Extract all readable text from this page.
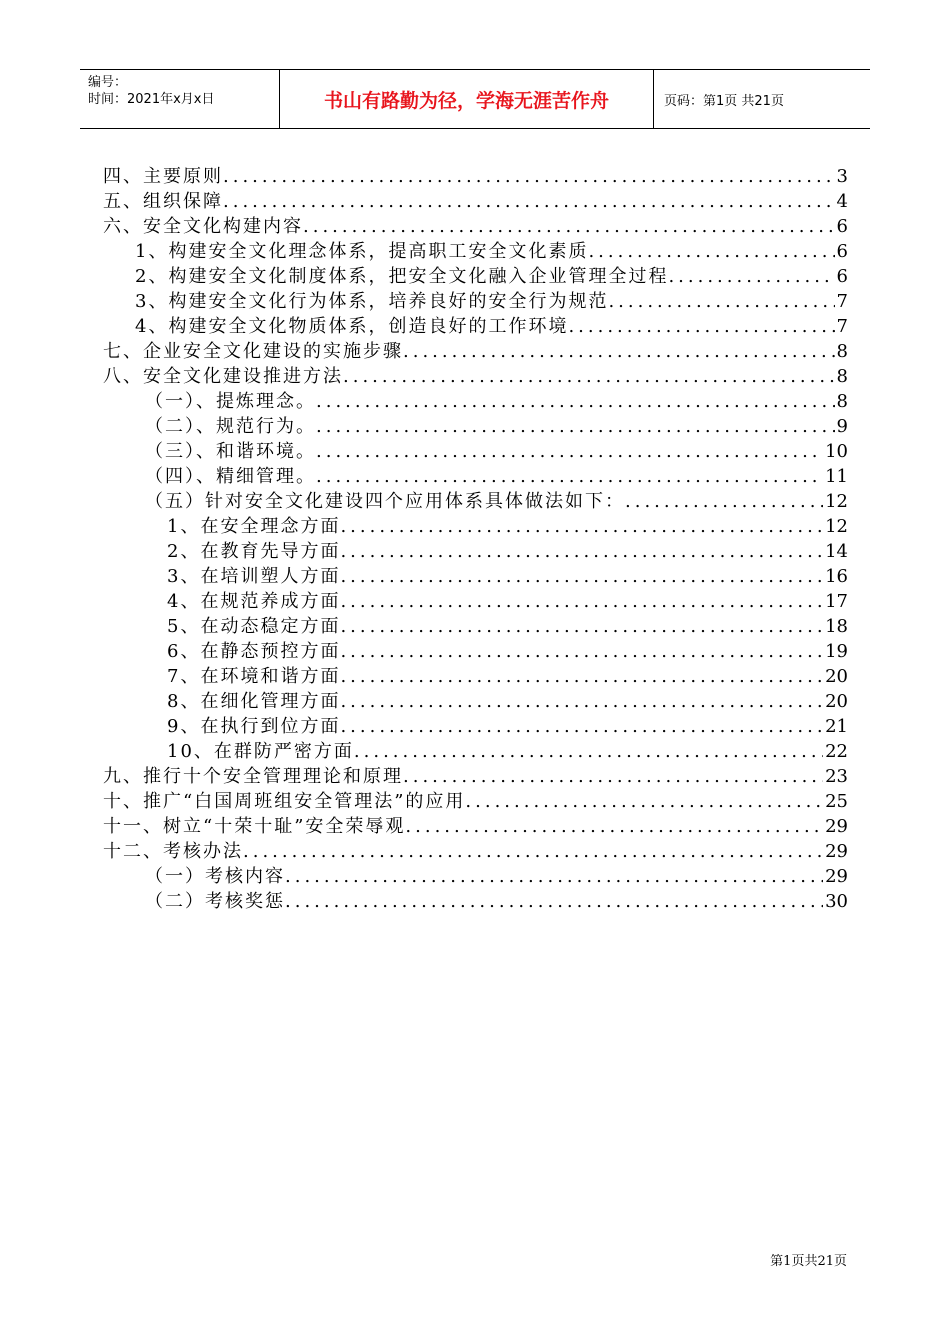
编号：
时间：2021年x月x日	书山有路勤为径，学海无涯苦作舟	页码：第1页 共21页
四、主要原则 .....	3
五、组织保障 .....	4
六、安全文化构建内容 .....	6
1、构建安全文化理念体系，提高职工安全文化素质 .....	6
2、构建安全文化制度体系，把安全文化融入企业管理全过程 .....	6
3、构建安全文化行为体系，培养良好的安全行为规范 .....	7
4、构建安全文化物质体系，创造良好的工作环境 .....	7
七、企业安全文化建设的实施步骤 .....	8
八、安全文化建设推进方法 .....	8
（一）、提炼理念。 .....	8
（二）、规范行为。 .....	9
（三）、和谐环境。 .....	10
（四）、精细管理。 .....	11
（五）针对安全文化建设四个应用体系具体做法如下： .....	12
1、在安全理念方面 .....	12
2、在教育先导方面 .....	14
3、在培训塑人方面 .....	16
4、在规范养成方面 .....	17
5、在动态稳定方面 .....	18
6、在静态预控方面 .....	19
7、在环境和谐方面 .....	20
8、在细化管理方面 .....	20
9、在执行到位方面 .....	21
10、在群防严密方面 .....	22
九、推行十个安全管理理论和原理 .....	23
十、推广“白国周班组安全管理法”的应用 .....	25
十一、树立“十荣十耻”安全荣辱观 .....	29
十二、考核办法 .....	29
（一）考核内容 .....	29
（二）考核奖惩 .....	30
第1页共21页
